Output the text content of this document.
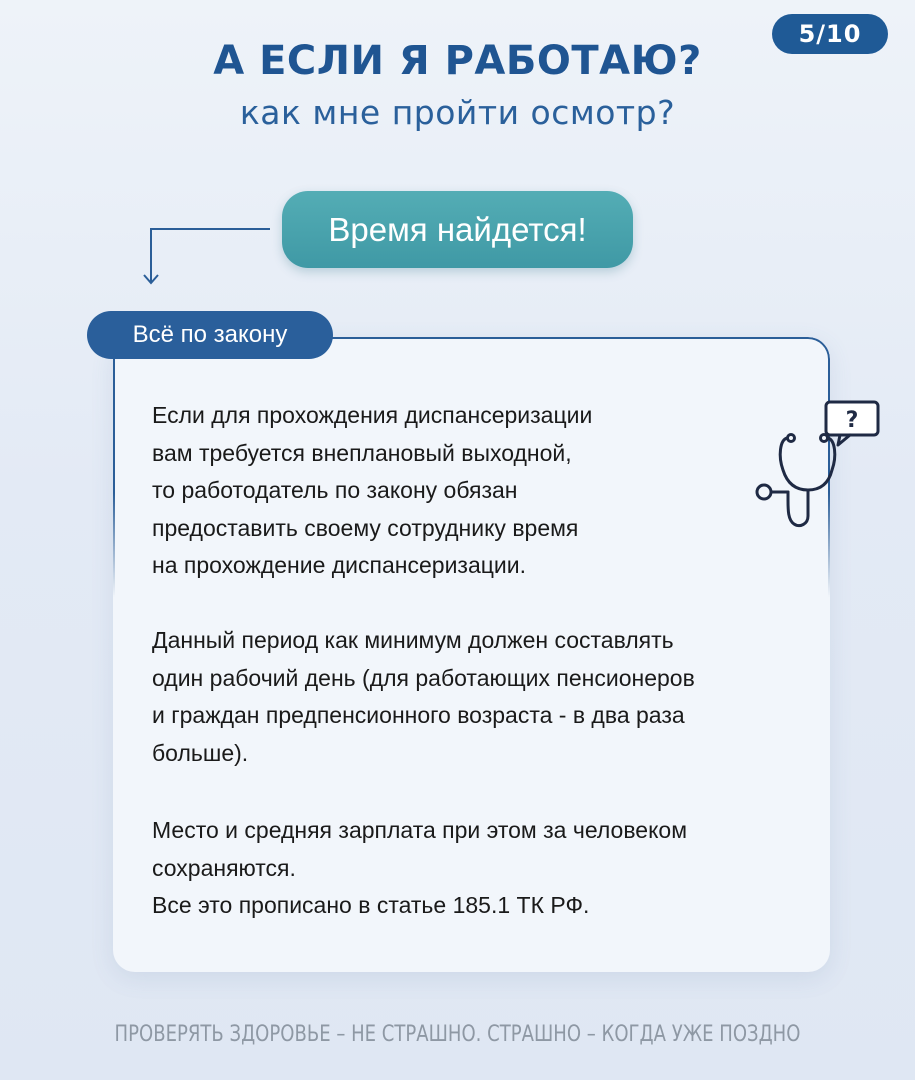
5/10
А ЕСЛИ Я РАБОТАЮ?
как мне пройти осмотр?
Время найдется!
Всё по закону
?
Если для прохождения диспансеризации
вам требуется внеплановый выходной,
то работодатель по закону обязан
предоставить своему сотруднику время
на прохождение диспансеризации.
Данный период как минимум должен составлять
один рабочий день (для работающих пенсионеров
и граждан предпенсионного возраста - в два раза
больше).
Место и средняя зарплата при этом за человеком
сохраняются.
Все это прописано в статье 185.1 ТК РФ.
ПРОВЕРЯТЬ ЗДОРОВЬЕ – НЕ СТРАШНО. СТРАШНО – КОГДА УЖЕ ПОЗДНО
